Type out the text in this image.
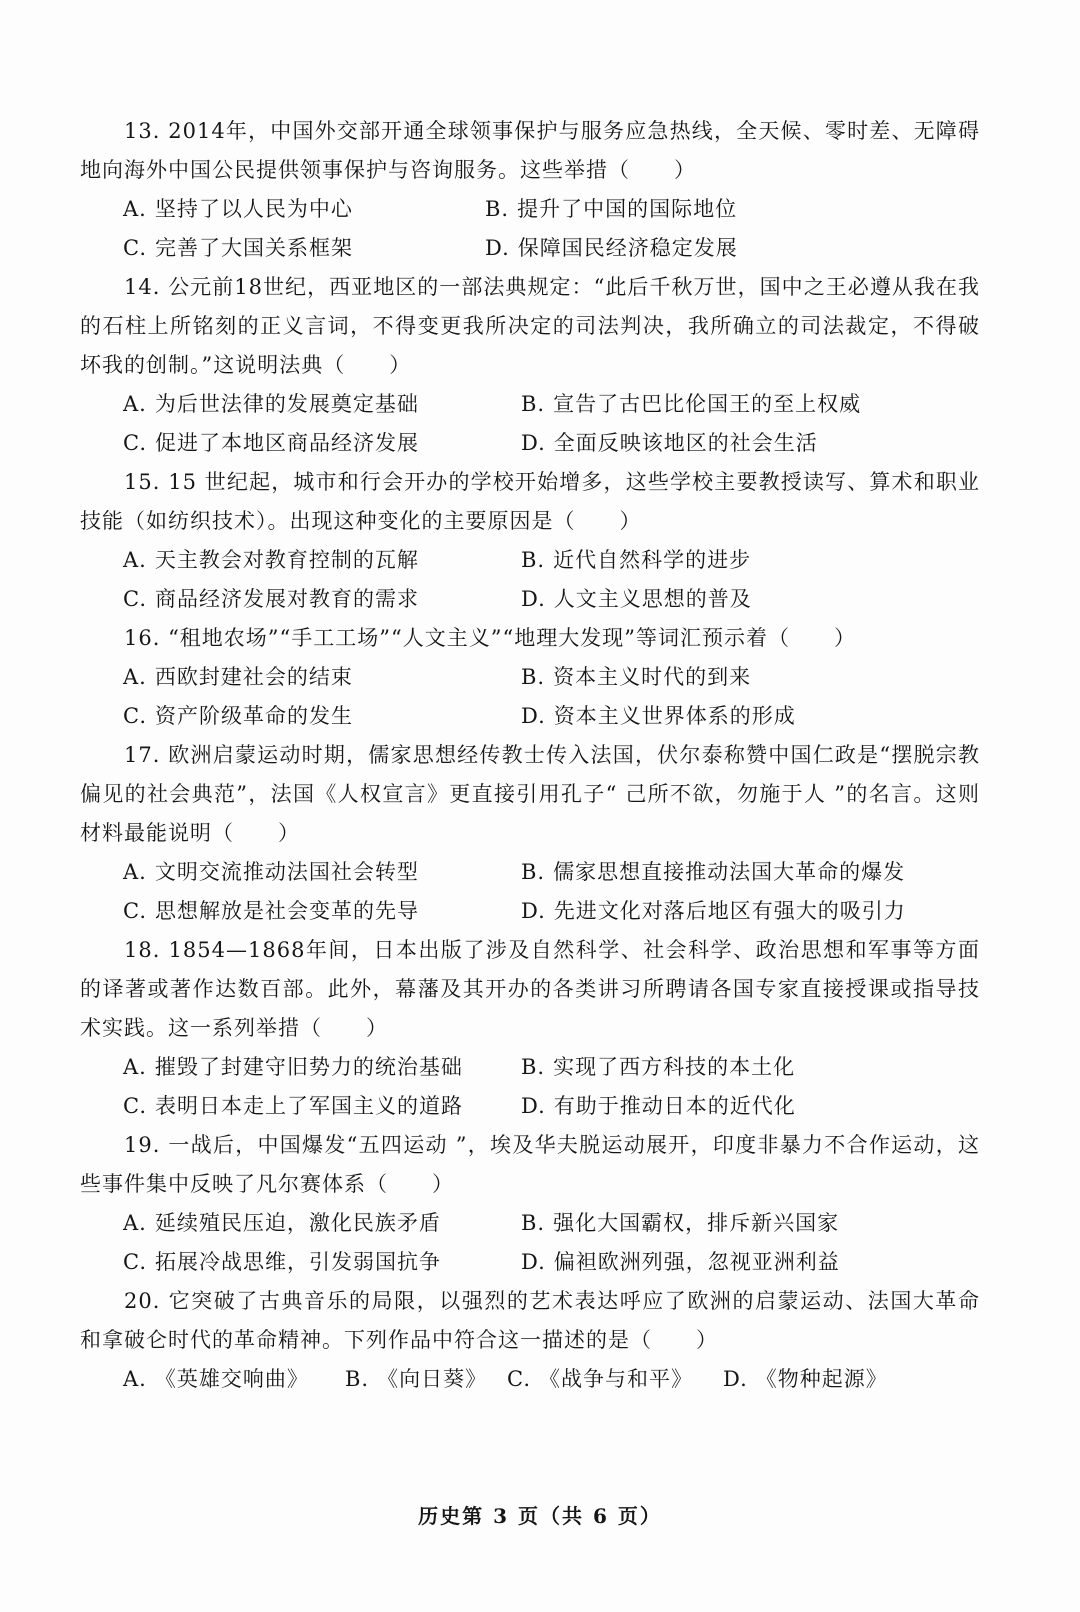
13. 2014年，中国外交部开通全球领事保护与服务应急热线，全天候、零时差、无障碍地向海外中国公民提供领事保护与咨询服务。这些举措（　　）

A. 坚持了以人民为中心	B. 提升了中国的国际地位
C. 完善了大国关系框架	D. 保障国民经济稳定发展

14. 公元前18世纪，西亚地区的一部法典规定：“此后千秋万世，国中之王必遵从我在我的石柱上所铭刻的正义言词，不得变更我所决定的司法判决，我所确立的司法裁定，不得破坏我的创制。”这说明法典（　　）

A. 为后世法律的发展奠定基础	B. 宣告了古巴比伦国王的至上权威
C. 促进了本地区商品经济发展	D. 全面反映该地区的社会生活

15. 15 世纪起，城市和行会开办的学校开始增多，这些学校主要教授读写、算术和职业技能（如纺织技术）。出现这种变化的主要原因是（　　）

A. 天主教会对教育控制的瓦解	B. 近代自然科学的进步
C. 商品经济发展对教育的需求	D. 人文主义思想的普及

16. “租地农场”“手工工场”“人文主义”“地理大发现”等词汇预示着（　　）

A. 西欧封建社会的结束	B. 资本主义时代的到来
C. 资产阶级革命的发生	D. 资本主义世界体系的形成

17. 欧洲启蒙运动时期，儒家思想经传教士传入法国，伏尔泰称赞中国仁政是“摆脱宗教偏见的社会典范”，法国《人权宣言》更直接引用孔子“ 己所不欲，勿施于人 ”的名言。这则材料最能说明（　　）

A. 文明交流推动法国社会转型	B. 儒家思想直接推动法国大革命的爆发
C. 思想解放是社会变革的先导	D. 先进文化对落后地区有强大的吸引力

18. 1854—1868年间，日本出版了涉及自然科学、社会科学、政治思想和军事等方面的译著或著作达数百部。此外，幕藩及其开办的各类讲习所聘请各国专家直接授课或指导技术实践。这一系列举措（　　）

A. 摧毁了封建守旧势力的统治基础	B. 实现了西方科技的本土化
C. 表明日本走上了军国主义的道路	D. 有助于推动日本的近代化

19. 一战后，中国爆发“五四运动 ”，埃及华夫脱运动展开，印度非暴力不合作运动，这些事件集中反映了凡尔赛体系（　　）

A. 延续殖民压迫，激化民族矛盾	B. 强化大国霸权，排斥新兴国家
C. 拓展冷战思维，引发弱国抗争	D. 偏袒欧洲列强，忽视亚洲利益

20. 它突破了古典音乐的局限，以强烈的艺术表达呼应了欧洲的启蒙运动、法国大革命和拿破仑时代的革命精神。下列作品中符合这一描述的是（　　）

A. 《英雄交响曲》	B. 《向日葵》 C. 《战争与和平》	D. 《物种起源》
历史第 3 页（共 6 页）
